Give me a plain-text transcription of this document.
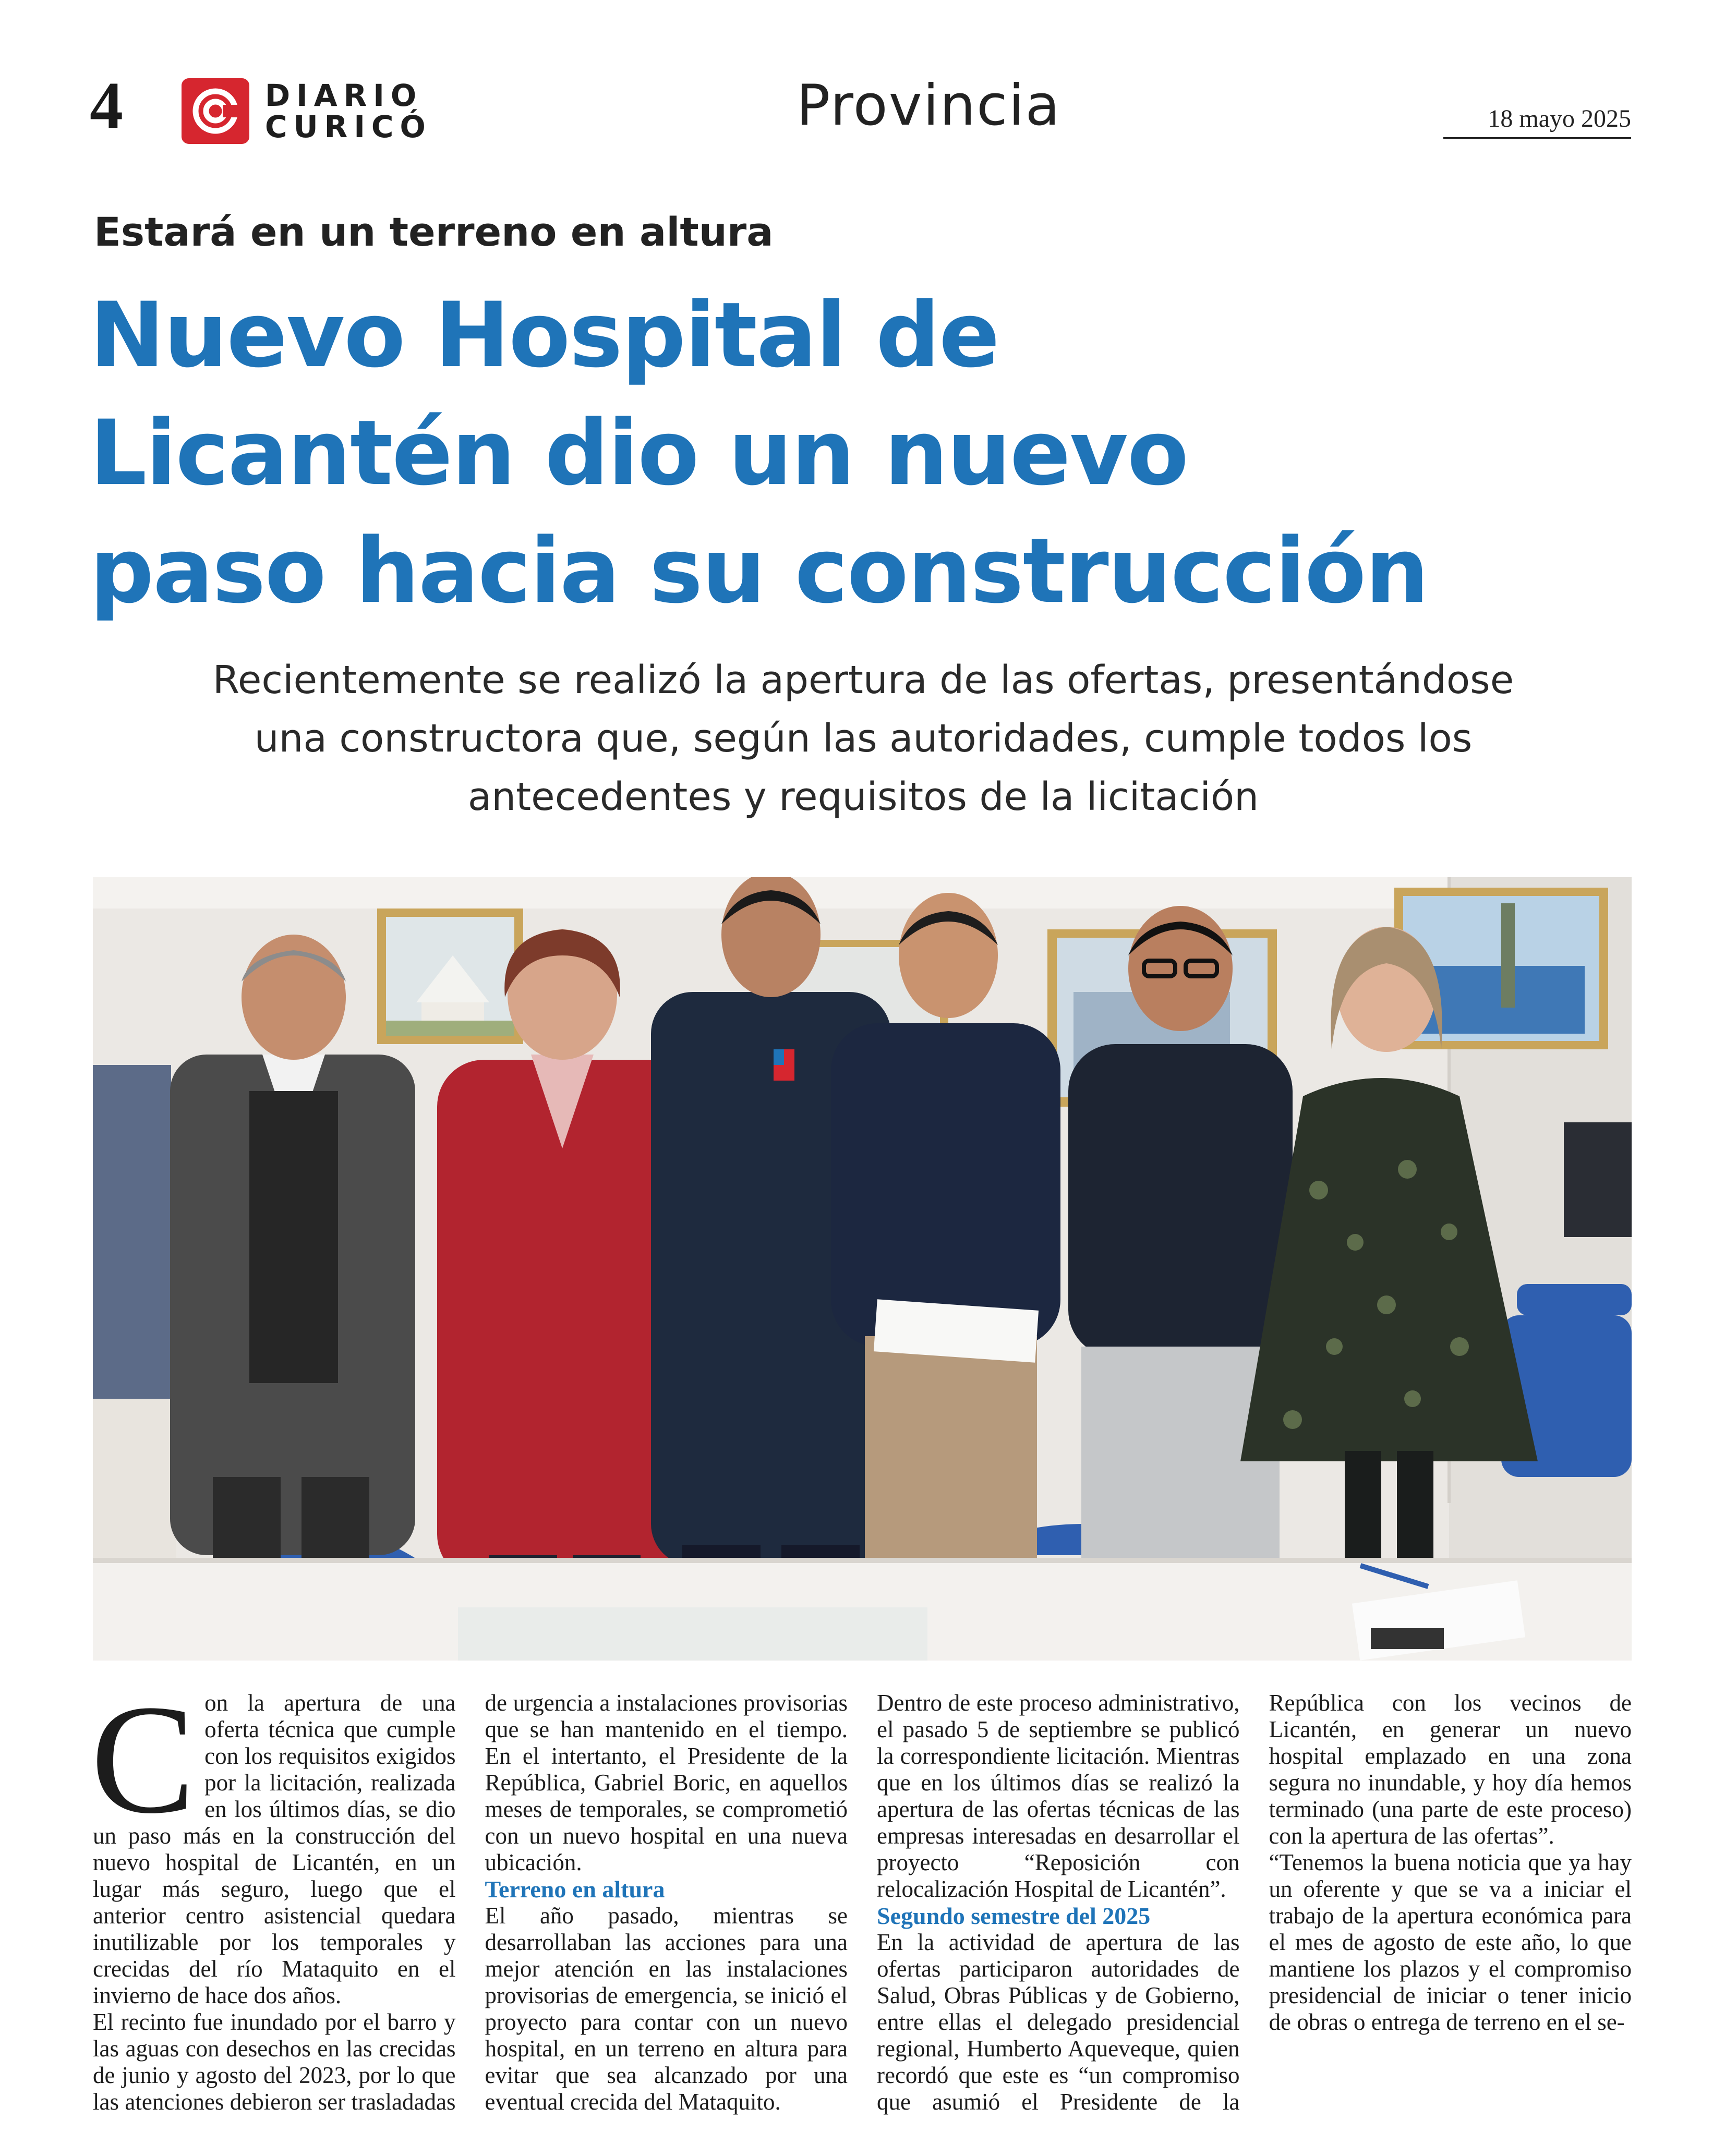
4	DIARIO
CURICÓ	Provincia	18 mayo 2025
Estará en un terreno en altura
Nuevo Hospital de
Licantén dio un nuevo
paso hacia su construcción
Recientemente se realizó la apertura de las ofertas, presentándose
una constructora que, según las autoridades, cumple todos los
antecedentes y requisitos de la licitación

Con la apertura de una oferta técnica que cumple con los requisitos exigidos por la licitación, realizada en los últimos días, se dio un paso más en la construcción del nuevo hospital de Licantén, en un lugar más seguro, luego que el anterior centro asistencial quedara inutilizable por los temporales y crecidas del río Mataquito en el invierno de hace dos años.

El recinto fue inundado por el barro y las aguas con desechos en las crecidas de junio y agosto del 2023, por lo que las atenciones debieron ser trasladadas de urgencia a instalaciones provisorias que se han mantenido en el tiempo. En el intertanto, el Presidente de la República, Gabriel Boric, en aquellos meses de temporales, se comprometió con un nuevo hospital en una nueva ubicación.

Terreno en altura

El año pasado, mientras se desarrollaban las acciones para una mejor atención en las instalaciones provisorias de emergencia, se inició el proyecto para contar con un nuevo hospital, en un terreno en altura para evitar que sea alcanzado por una eventual crecida del Mataquito.

Dentro de este proceso administrativo, el pasado 5 de septiembre se publicó la correspondiente licitación. Mientras que en los últimos días se realizó la apertura de las ofertas técnicas de las empresas interesadas en desarrollar el proyecto “Reposición con relocalización Hospital de Licantén”.

Segundo semestre del 2025

En la actividad de apertura de las ofertas participaron autoridades de Salud, Obras Públicas y de Gobierno, entre ellas el delegado presidencial regional, Humberto Aqueveque, quien recordó que este es “un compromiso que asumió el Presidente de la República con los vecinos de Licantén, en generar un nuevo hospital emplazado en una zona segura no inundable, y hoy día hemos terminado (una parte de este proceso) con la apertura de las ofertas”.

“Tenemos la buena noticia que ya hay un oferente y que se va a iniciar el trabajo de la apertura económica para el mes de agosto de este año, lo que mantiene los plazos y el compromiso presidencial de iniciar o tener inicio de obras o entrega de terreno en el se-
